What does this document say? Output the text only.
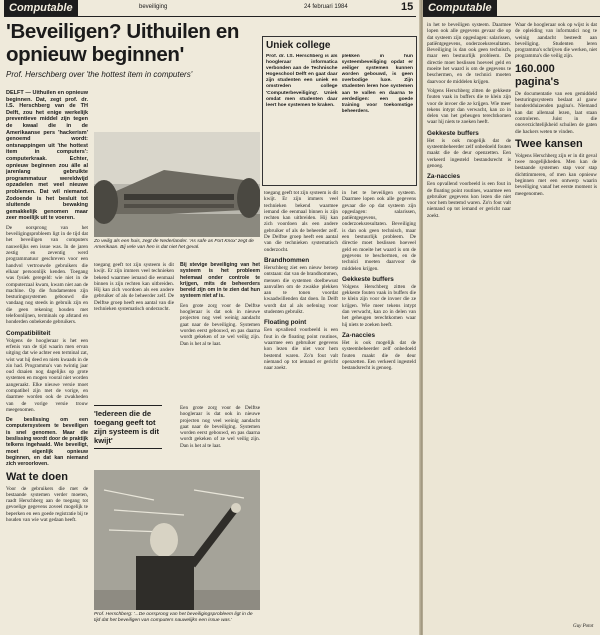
Computable	beveiliging	24 februari 1984	15
'Beveiligen? Uithuilen en opnieuw beginnen'
Prof. Herschberg over 'the hottest item in computers'
Uniek college
Prof. dr. I.S. Herschberg is als hoogleraar informatica verbonden aan de Technische Hogeschool Delft en gaat daar zijn studenten een uniek en omstreden college 'Computerbeveiliging'. Uniek omdat men studenten daar leert hoe systemen te kraken.
plekken in hun systeembeveiliging opdat er veiliger systemen kunnen worden gebouwd, is geen overbodige luxe. Zijn studenten leren hoe systemen aan te vallen en daarna te verdedigen: een goede training voor toekomstige beheerders.

DELFT — Uithuilen en opnieuw beginnen. Dat, zegt prof. dr. I.S. Herschberg van de TH Delft, zou het enige werkelijk preventieve middel zijn tegen de kwaal die in de Amerikaanse pers 'hackerism' genoemd wordt: ontsnappingen uit 'the hottest item in computers': computerkraak. Echter, opnieuw beginnen zou álle al jarenlang gebruikte programmatuur wereldwijd opzadelen met veel nieuwe problemen. Dat wil niemand. Zodoende is het besluit tot sluitende bewaking gemakkelijk genomen maar zeer moeilijk uit te voeren.

De oorsprong van het beveiligingsprobleem ligt in de tijd dat het beveiligen van computers nauwelijks een issue was. In de jaren zestig en zeventig werd programmatuur geschreven voor een handvol vertrouwde gebruikers die elkaar persoonlijk kenden. Toegang was fysiek geregeld: wie niet in de computerzaal kwam, kwam niet aan de machine. Op die fundamenten zijn besturingssystemen gebouwd die vandaag nog steeds in gebruik zijn en die geen rekening houden met telefoonlijnen, terminals op afstand en honderden onbekende gebruikers.

Compatibiliteit

Volgens de hoogleraar is het een erfenis van de tijd waarin men ervan uitging dat wie achter een terminal zat, wist wat hij deed en niets kwaads in de zin had. Programma's van twintig jaar oud draaien nog dagelijks op grote systemen en mogen vooral niet worden aangeraakt. Elke nieuwe versie moet compatibel zijn met de vorige, en daarmee worden ook de zwakheden van de vorige versie trouw meegenomen.

De beslissing om een computersysteem te beveiligen is snel genomen. Maar die beslissing wordt door de praktijk telkens ingehaald. Wie beveiligt, moet eigenlijk opnieuw beginnen, en dat kan niemand zich veroorloven.

Wat te doen

Voor de gebruikers die met de bestaande systemen verder moeten, raadt Herschberg aan de toegang tot gevoelige gegevens zoveel mogelijk te beperken en een goede registratie bij te houden van wie wat gedaan heeft.

Zo veilig als een huis, zegt de Nederlander. 'As safe as Fort Knox' zegt de Amerikaan. Bij vele van hen is dat niet het geval.

toegang geeft tot zijn systeem is dit kwijt. Er zijn immers veel technieken bekend waarmee iemand die eenmaal binnen is zijn rechten kan uitbreiden. Hij kan zich voordoen als een andere gebruiker of als de beheerder zelf. De Delftse groep heeft een aantal van die technieken systematisch onderzocht.

'Iedereen die de toegang geeft tot zijn systeem is dit kwijt'

Bij stevige beveiliging van het systeem is het probleem helemaal onder controle te krijgen, mits de beheerders bereid zijn om in te zien dat hun systeem niet af is.

Een grote zorg voor de Delftse hoogleraar is dat ook in nieuwe projecten nog veel weinig aandacht gaat naar de beveiliging. Systemen worden eerst gebouwd, en pas daarna wordt gekeken of ze wel veilig zijn. Dan is het al te laat.

Een grote zorg voor de Delftse hoogleraar is dat ook in nieuwe projecten nog veel weinig aandacht gaat naar de beveiliging. Systemen worden eerst gebouwd, en pas daarna wordt gekeken of ze wel veilig zijn. Dan is het al te laat.

Prof. Herschberg: '...De oorsprong van het beveiligingsprobleem ligt in de tijd dat het beveiligen van computers nauwelijks een issue was.'

toegang geeft tot zijn systeem is dit kwijt. Er zijn immers veel technieken bekend waarmee iemand die eenmaal binnen is zijn rechten kan uitbreiden. Hij kan zich voordoen als een andere gebruiker of als de beheerder zelf. De Delftse groep heeft een aantal van die technieken systematisch onderzocht.

Brandhommen

Herschberg ziet een nieuw beroep ontstaan: dat van de brandhommen, mensen die systemen doelbewust aanvallen om de zwakke plekken aan te tonen voordat kwaadwillenden dat doen. In Delft wordt dat al als oefening voor studenten gebruikt.

Floating point

Een opvallend voorbeeld is een fout in de floating point routines, waarmee een gebruiker gegevens kon lezen die niet voor hem bestemd waren. Zo'n fout valt niemand op tot iemand er gericht naar zoekt.

in het te beveiligen systeem. Daarmee lopen ook alle gegevens gevaar die op dat systeem zijn opgeslagen: salarissen, patiëntgegevens, onderzoeksresultaten. Beveiliging is dan ook geen technisch, maar een bestuurlijk probleem. De directie moet beslissen hoeveel geld en moeite het waard is om de gegevens te beschermen, en de technici moeten daarvoor de middelen krijgen.

Gekkeste buffers

Volgens Herschberg zitten de gekkeste fouten vaak in buffers die te klein zijn voor de invoer die ze krijgen. Wie meer tekens intypt dan verwacht, kan zo in delen van het geheugen terechtkomen waar hij niets te zoeken heeft.

Za-naccies

Het is ook mogelijk dat de systeembeheerder zelf onbedoeld fouten maakt die de deur openzetten. Een verkeerd ingesteld bestandsrecht is genoeg.

Computable

in het te beveiligen systeem. Daarmee lopen ook alle gegevens gevaar die op dat systeem zijn opgeslagen: salarissen, patiëntgegevens, onderzoeksresultaten. Beveiliging is dan ook geen technisch, maar een bestuurlijk probleem. De directie moet beslissen hoeveel geld en moeite het waard is om de gegevens te beschermen, en de technici moeten daarvoor de middelen krijgen.

Volgens Herschberg zitten de gekkeste fouten vaak in buffers die te klein zijn voor de invoer die ze krijgen. Wie meer tekens intypt dan verwacht, kan zo in delen van het geheugen terechtkomen waar hij niets te zoeken heeft.

Gekkeste buffers

Het is ook mogelijk dat de systeembeheerder zelf onbedoeld fouten maakt die de deur openzetten. Een verkeerd ingesteld bestandsrecht is genoeg.

Za-naccies

Een opvallend voorbeeld is een fout in de floating point routines, waarmee een gebruiker gegevens kon lezen die niet voor hem bestemd waren. Zo'n fout valt niemand op tot iemand er gericht naar zoekt.

Waar de hoogleraar ook op wijst is dat de opleiding van informatici nog te weinig aandacht besteedt aan beveiliging. Studenten leren programma's schrijven die werken, niet programma's die veilig zijn.

160.000 pagina's

De documentatie van een gemiddeld besturingssysteem beslaat al gauw honderdduizenden pagina's. Niemand kan dat allemaal lezen, laat staan controleren. Juist in die onoverzichtelijkheid schuilen de gaten die hackers weten te vinden.

Twee kansen

Volgens Herschberg zijn er in dit geval twee mogelijkheden. Men kan de bestaande systemen stap voor stap dichttimmeren, of men kan opnieuw beginnen met een ontwerp waarin beveiliging vanaf het eerste moment is meegenomen.

Guy Potot
